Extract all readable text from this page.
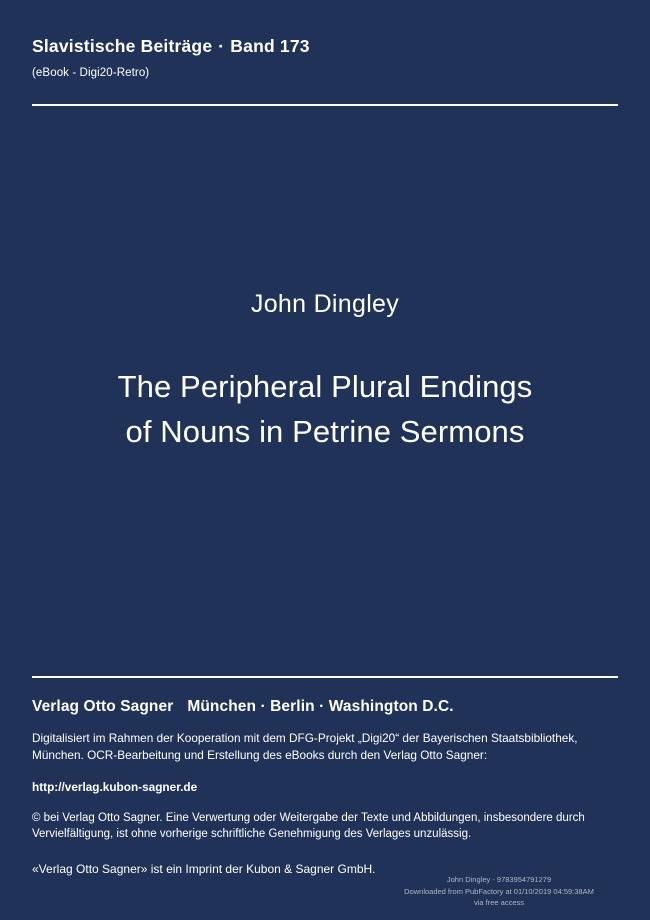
Slavistische Beiträge · Band 173
(eBook - Digi20-Retro)
John Dingley
The Peripheral Plural Endings
of Nouns in Petrine Sermons
Verlag Otto Sagner München · Berlin · Washington D.C.
Digitalisiert im Rahmen der Kooperation mit dem DFG-Projekt „Digi20“ der Bayerischen Staatsbibliothek, München. OCR-Bearbeitung und Erstellung des eBooks durch den Verlag Otto Sagner:
http://verlag.kubon-sagner.de
© bei Verlag Otto Sagner. Eine Verwertung oder Weitergabe der Texte und Abbildungen, insbesondere durch Vervielfältigung, ist ohne vorherige schriftliche Genehmigung des Verlages unzulässig.
«Verlag Otto Sagner» ist ein Imprint der Kubon & Sagner GmbH.
John Dingley - 9783954791279
Downloaded from PubFactory at 01/10/2019 04:59:38AM
via free access
